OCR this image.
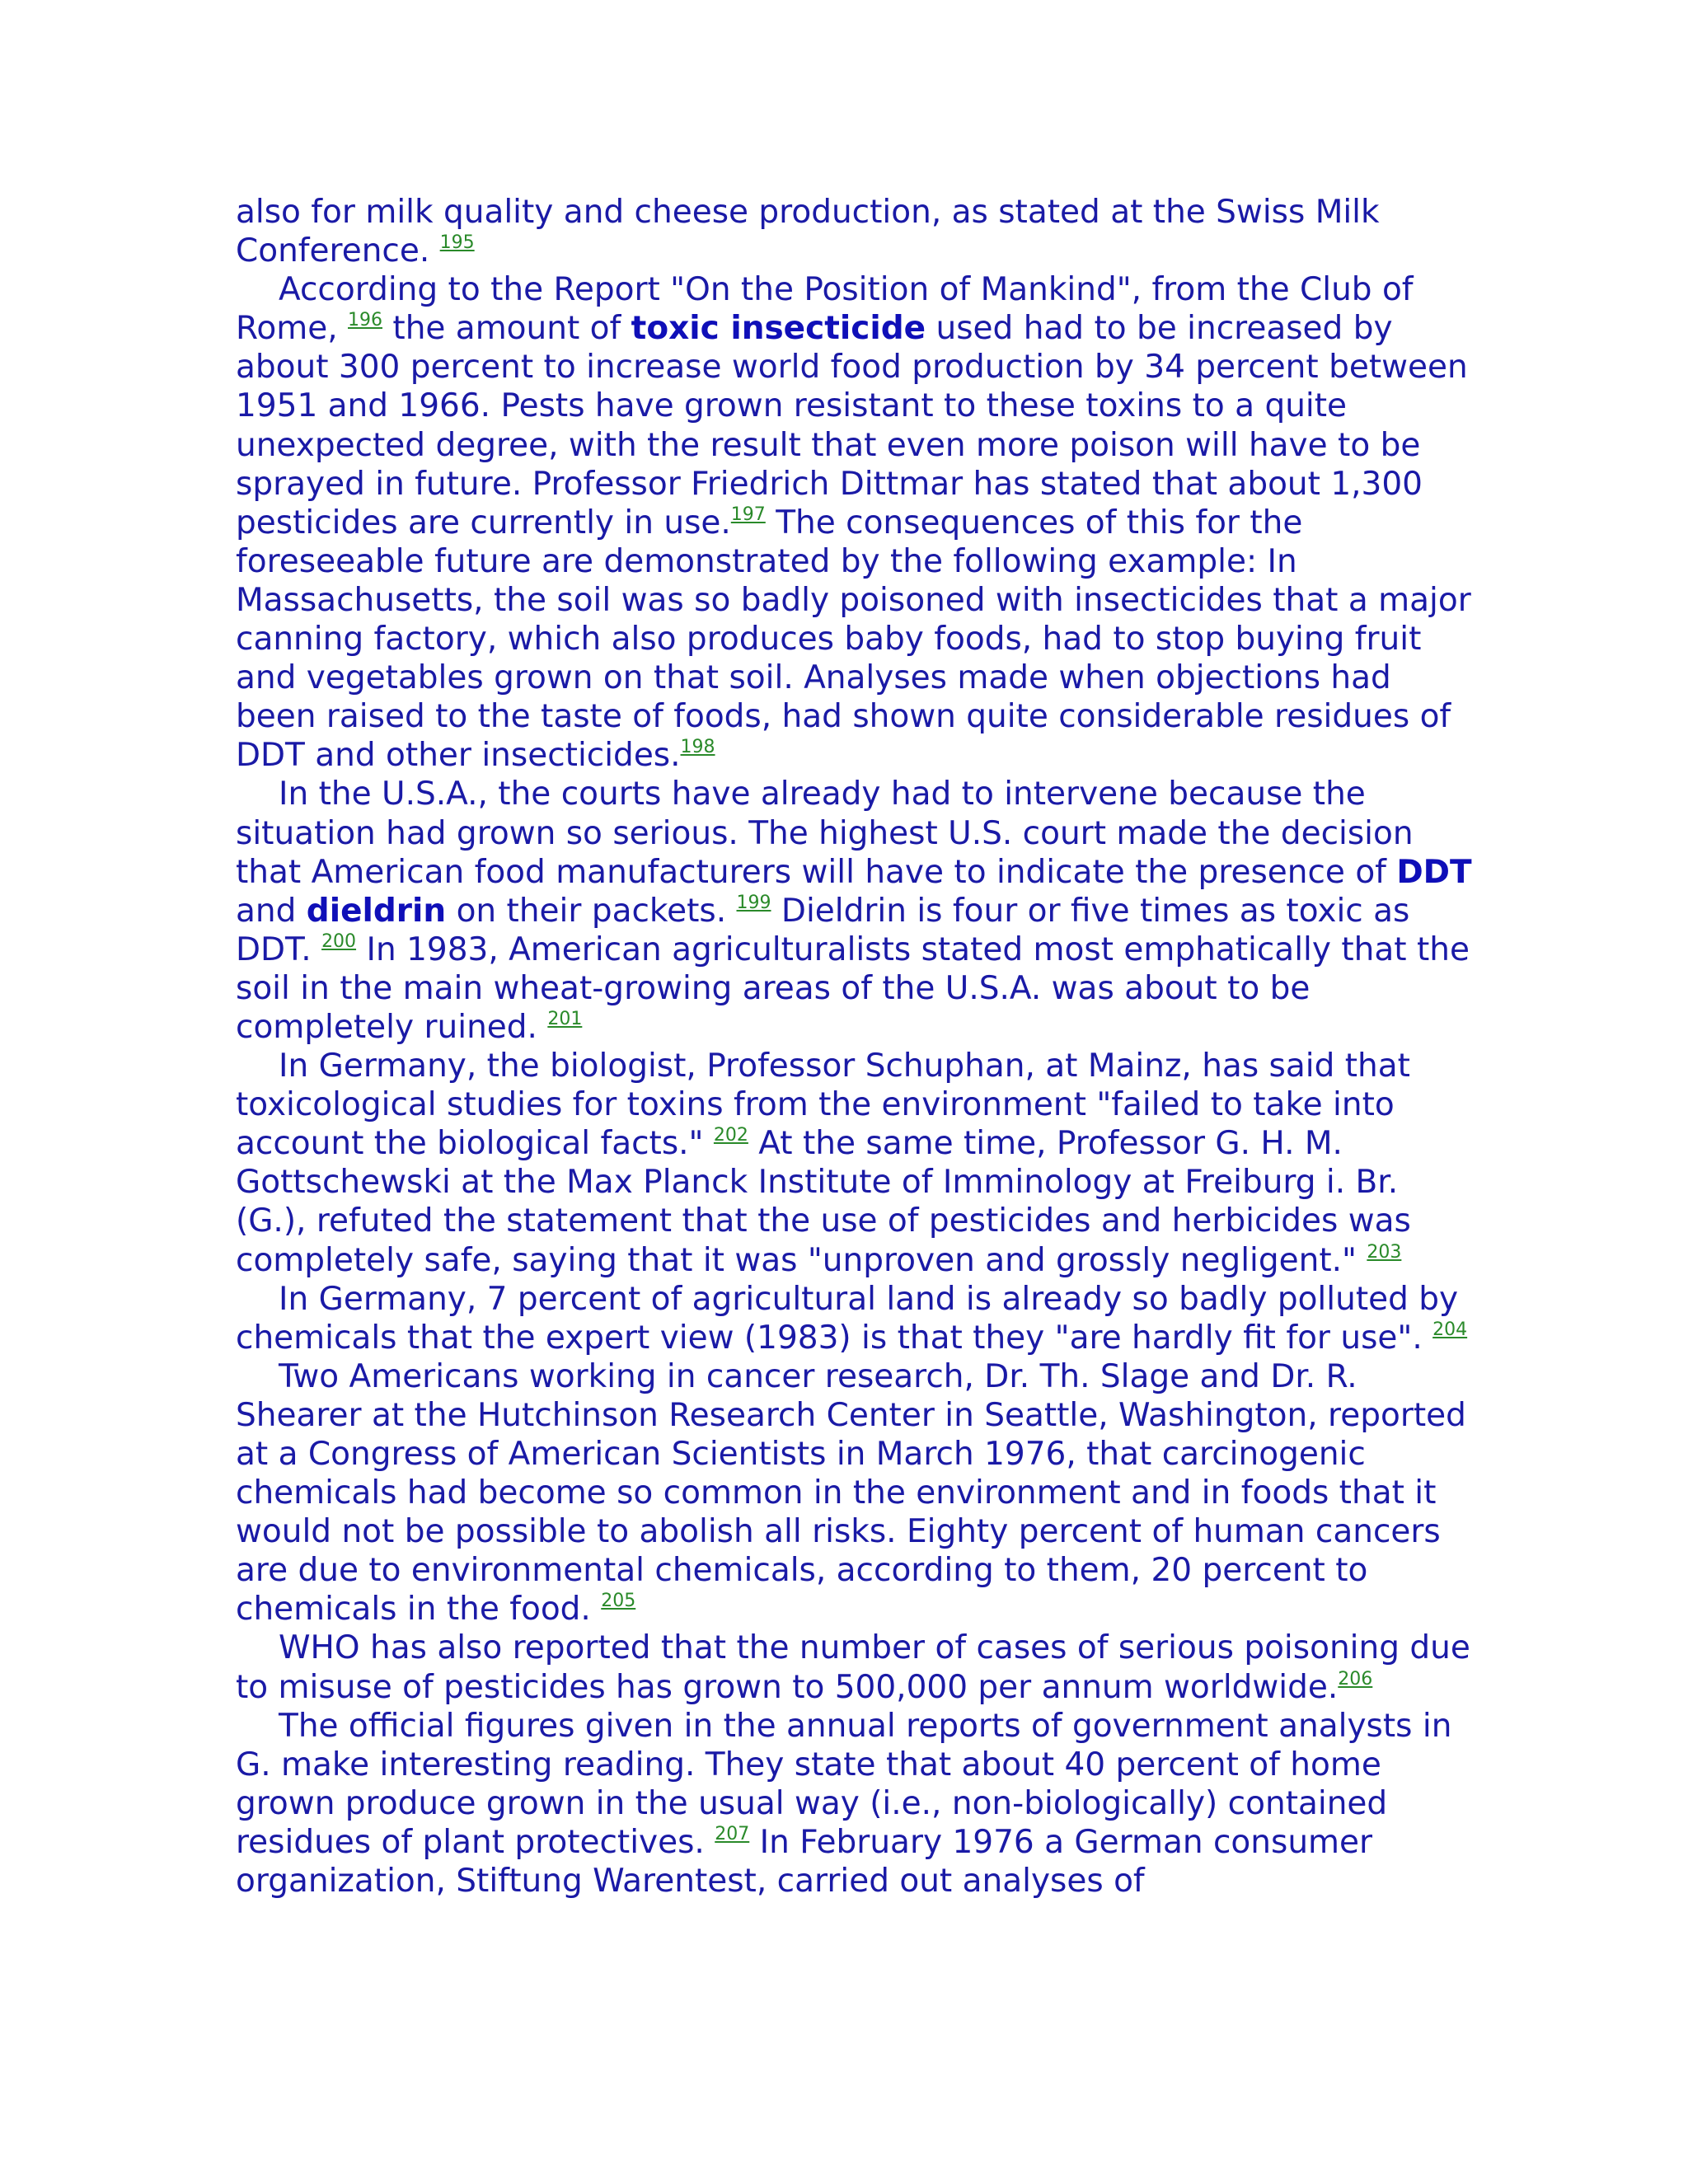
also for milk quality and cheese production, as stated at the Swiss Milk Conference. $^{195}$

According to the Report "On the Position of Mankind", from the Club of Rome, $^{196}$ the amount of toxic insecticide used had to be increased by about 300 percent to increase world food production by 34 percent between 1951 and 1966. Pests have grown resistant to these toxins to a quite unexpected degree, with the result that even more poison will have to be sprayed in future. Professor Friedrich Dittmar has stated that about 1,300 pesticides are currently in use.$^{197}$ The consequences of this for the foreseeable future are demonstrated by the following example: In Massachusetts, the soil was so badly poisoned with insecticides that a major canning factory, which also produces baby foods, had to stop buying fruit and vegetables grown on that soil. Analyses made when objections had been raised to the taste of foods, had shown quite considerable residues of DDT and other insecticides.$^{198}$

In the U.S.A., the courts have already had to intervene because the situation had grown so serious. The highest U.S. court made the decision that American food manufacturers will have to indicate the presence of DDT and dieldrin on their packets. $^{199}$ Dieldrin is four or five times as toxic as DDT. $^{200}$ In 1983, American agriculturalists stated most emphatically that the soil in the main wheat-growing areas of the U.S.A. was about to be completely ruined. $^{201}$

In Germany, the biologist, Professor Schuphan, at Mainz, has said that toxicological studies for toxins from the environment "failed to take into account the biological facts." $^{202}$ At the same time, Professor G. H. M. Gottschewski at the Max Planck Institute of Imminology at Freiburg i. Br. (G.), refuted the statement that the use of pesticides and herbicides was completely safe, saying that it was "unproven and grossly negligent." $^{203}$

In Germany, 7 percent of agricultural land is already so badly polluted by chemicals that the expert view (1983) is that they "are hardly fit for use". $^{204}$

Two Americans working in cancer research, Dr. Th. Slage and Dr. R. Shearer at the Hutchinson Research Center in Seattle, Washington, reported at a Congress of American Scientists in March 1976, that carcinogenic chemicals had become so common in the environment and in foods that it would not be possible to abolish all risks. Eighty percent of human cancers are due to environmental chemicals, according to them, 20 percent to chemicals in the food. $^{205}$

WHO has also reported that the number of cases of serious poisoning due to misuse of pesticides has grown to 500,000 per annum worldwide.$^{206}$

The official figures given in the annual reports of government analysts in G. make interesting reading. They state that about 40 percent of home grown produce grown in the usual way (i.e., non-biologically) contained residues of plant protectives. $^{207}$ In February 1976 a German consumer organization, Stiftung Warentest, carried out analyses of
